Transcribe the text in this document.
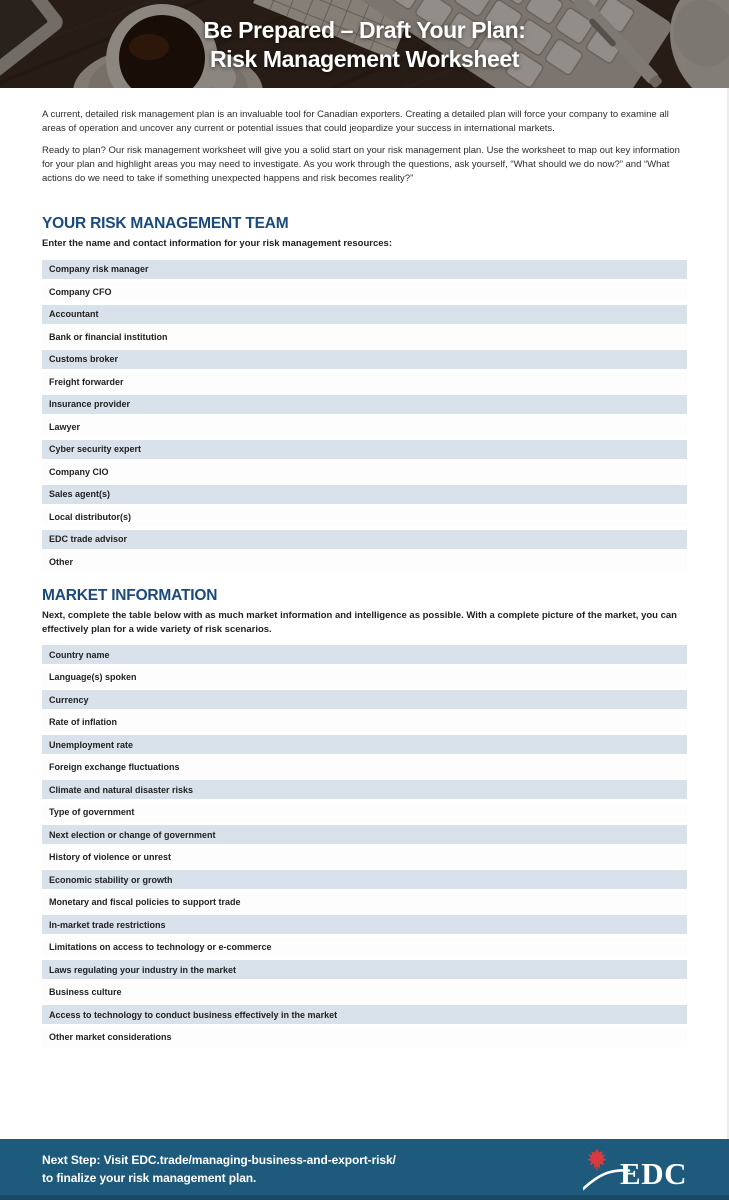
Be Prepared – Draft Your Plan:
Risk Management Worksheet

A current, detailed risk management plan is an invaluable tool for Canadian exporters. Creating a detailed plan will force your company to examine all areas of operation and uncover any current or potential issues that could jeopardize your success in international markets.

Ready to plan? Our risk management worksheet will give you a solid start on your risk management plan. Use the worksheet to map out key information for your plan and highlight areas you may need to investigate. As you work through the questions, ask yourself, “What should we do now?” and “What actions do we need to take if something unexpected happens and risk becomes reality?”

YOUR RISK MANAGEMENT TEAM
Enter the name and contact information for your risk management resources:
Company risk manager
Company CFO
Accountant
Bank or financial institution
Customs broker
Freight forwarder
Insurance provider
Lawyer
Cyber security expert
Company CIO
Sales agent(s)
Local distributor(s)
EDC trade advisor
Other
MARKET INFORMATION
Next, complete the table below with as much market information and intelligence as possible. With a complete picture of the market, you can effectively plan for a wide variety of risk scenarios.
Country name
Language(s) spoken
Currency
Rate of inflation
Unemployment rate
Foreign exchange fluctuations
Climate and natural disaster risks
Type of government
Next election or change of government
History of violence or unrest
Economic stability or growth
Monetary and fiscal policies to support trade
In-market trade restrictions
Limitations on access to technology or e-commerce
Laws regulating your industry in the market
Business culture
Access to technology to conduct business effectively in the market
Other market considerations
Next Step: Visit EDC.trade/managing-business-and-export-risk/
to finalize your risk management plan.	EDC
